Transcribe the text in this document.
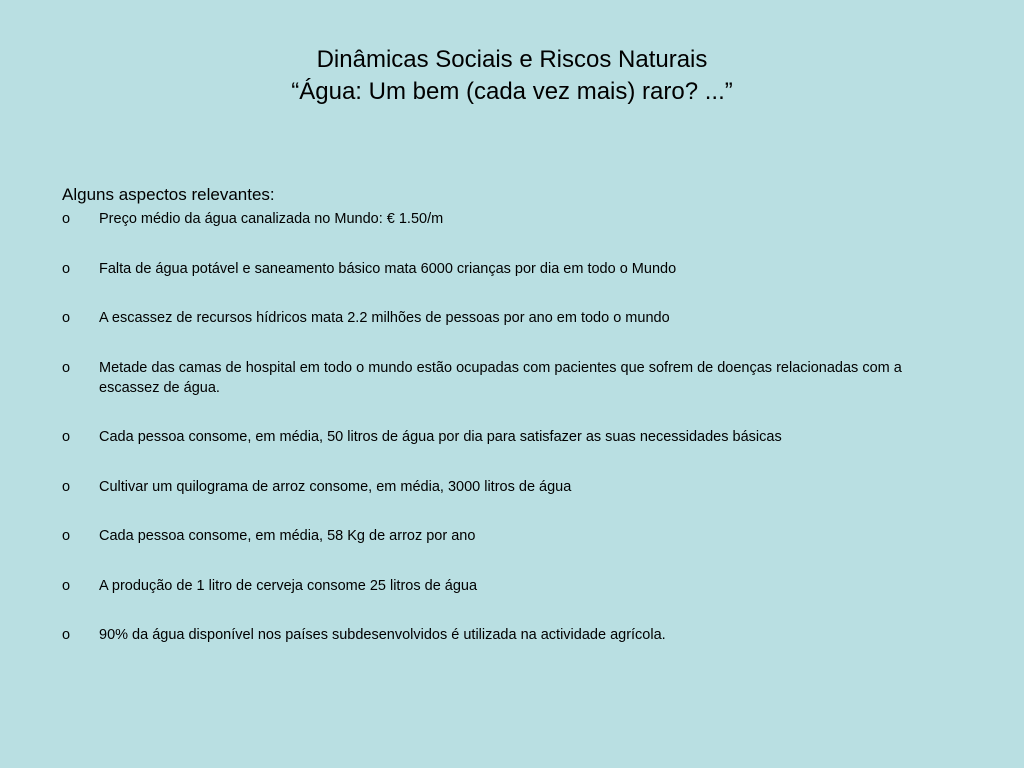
Dinâmicas Sociais e Riscos Naturais
“Água: Um bem (cada vez mais) raro? ...”
Alguns aspectos relevantes:
o Preço médio da água canalizada no Mundo: € 1.50/m
o Falta de água potável e saneamento básico mata 6000 crianças por dia em todo o Mundo
o A escassez de recursos hídricos mata 2.2 milhões de pessoas por ano em todo o mundo
o Metade das camas de hospital em todo o mundo estão ocupadas com pacientes que sofrem de doenças relacionadas com a escassez de água.
o Cada pessoa consome, em média, 50 litros de água por dia para satisfazer as suas necessidades básicas
o Cultivar um quilograma de arroz consome, em média, 3000 litros de água
o Cada pessoa consome, em média, 58 Kg de arroz por ano
o A produção de 1 litro de cerveja consome 25 litros de água
o 90% da água disponível nos países subdesenvolvidos é utilizada na actividade agrícola.
